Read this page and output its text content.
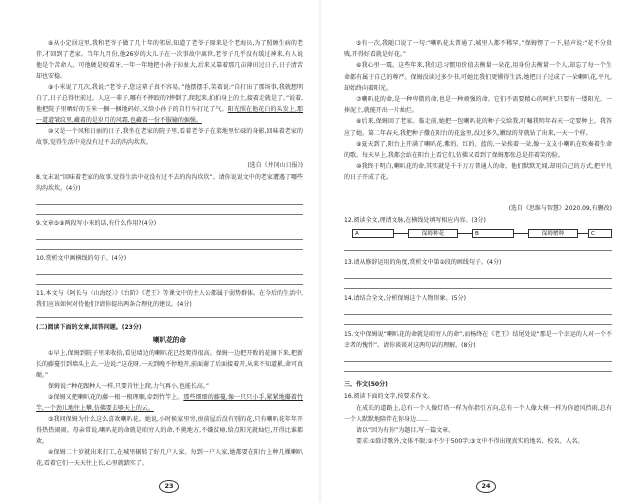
⑧从小定居这里,我和老爷子做了几十年的邻居,知道了老爷子原来是个老海员,为了照顾生病的老伴,才回到了老家。当年九月份,他26岁的大儿子在一次事故中离世,老爷子几乎没有缓过神来,有人说他是个苦命人。可他硬是咬着牙,一年一年地把小孙子拉扯大,后来又靠着那几亩薄田过日子,日子清苦却也安稳。

⑨小米说了几次,我说:“老爷子,您这辈子真不容易。”他摆摆手,笑着说:“自打出了那场事,我就想明白了,日子总得往前过。人这一辈子,哪有不摔跤的?摔倒了,爬起来,拍拍身上的土,接着走就是了。”说着,他把院子里晒好的玉米一捆一捆地码好,又给小孙子的自行车打足了气。阳光照在他花白的头发上,那一道道皱纹里,藏着的是岁月的风霜,也藏着一份不服输的倔强。

⑩又是一个风和日丽的日子,我坐在老家的院子里,看着老爷子在菜地里忙碌的身影,回味着老家的故事,觉得生活中竟没有过不去的沟沟坎坎。

(选自《井冈山日报》)
8.文末说“回味着老家的故事,觉得生活中竟没有过不去的沟沟坎坎”。请你说说文中的老家遭遇了哪些沟沟坎坎。(4分)
9.文章⑤⑨两段写小米的话,有什么作用?(4分)
10.赏析文中画横线的句子。(4分)
11.本文与《阿长与〈山海经〉》《台阶》《老王》等课文中的主人公都属于弱势群体。在今后的生活中,我们应该如何对待他们?请你提出两条合理化的建议。(4分)
(二)阅读下面的文章,回答问题。(23分)
喇叭花的命

①早上,保姆到院子里来收拾,看见墙边的喇叭花已经爬得很高。保姆一边把开败的花摘下来,把新长的藤蔓引到墙头上去,一边说:“这花呀,一天到晚不停地开,前面谢了后面接着开,从来不知道累,命可真硬。”

保姆说:“种花跟种人一样,只要肯往上爬,力气再小,也能长高。”

②保姆又把喇叭花的藤一根一根理顺,牵到竹竿上。那些细细的藤蔓,像一只只小手,紧紧地攥着竹竿,一个劲儿地往上攀,仿佛要去够天上的云。

③我问保姆为什么这么喜欢喇叭花。她说,小时候家里穷,房前屋后没有别的花,只有喇叭花年年开得热热闹闹。母亲常说,喇叭花的命就是咱穷人的命,不挑地方,不嫌贫瘠,给点阳光就灿烂,开得比谁都欢。

④保姆二十岁就出来打工,在城里辗转了好几户人家。每到一户人家,她都要在阳台上种几棵喇叭花,看着它们一天天往上长,心里就踏实了。

23

⑤有一次,我随口说了一句:“喇叭花太普通了,城里人都不稀罕。”保姆愣了一下,轻声说:“花不分贵贱,开得好看就是好花。”

⑥我心里一震。这些年来,我们总习惯用价值去衡量一朵花,用身份去衡量一个人,却忘了每一个生命都有属于自己的尊严。保姆没读过多少书,可她比我们更懂得生活,她把日子过成了一朵喇叭花,平凡,却始终向着阳光。

⑦喇叭花的命,是一种卑微的命,也是一种顽强的命。它们不需要精心的呵护,只要有一缕阳光、一捧泥土,就能开出一片灿烂。

⑧后来,保姆回了老家。临走前,她把一包喇叭花的种子交给我,叮嘱我明年春天一定要种上。我答应了她。第二年春天,我把种子撒在阳台的花盆里,没过多久,嫩绿的芽就钻了出来,一天一个样。

⑨夏天到了,阳台上开满了喇叭花,紫的、红的、蓝的,一朵挨着一朵,像一支支小喇叭在吹奏着生命的歌。每天早上,我都会站在阳台上看它们,仿佛又看到了保姆那张总是挂着笑的脸。

⑩我终于明白,喇叭花的命,其实就是千千万万普通人的命。他们默默无闻,却用自己的方式,把平凡的日子开成了花。

(选自《思维与智慧》2020.09,有删改)
12.阅读全文,理清文脉,在横线处填写相应内容。(3分)
A	保姆种花	B	保姆赠种	C
13.请从修辞运用的角度,赏析文中第②段的画线句子。(4分)
14.请结合全文,分析保姆这个人物形象。(5分)
15.文中保姆说“喇叭花的命就是咱穷人的命”,而杨绛在《老王》结尾处说“那是一个幸运的人对一个不幸者的愧怍”。请你谈谈对这两句话的理解。(8分)
三、作文(50分)
16.阅读下面的文字,按要求作文。

在成长的道路上,总有一个人像灯塔一样为你指引方向,总有一个人像大树一样为你遮风挡雨,总有一个人默默地陪伴在你身边……

请以“因为有你”为题目,写一篇文章。

要求:①除诗歌外,文体不限;②不少于500字;③文中不得出现真实的地名、校名、人名。

24
